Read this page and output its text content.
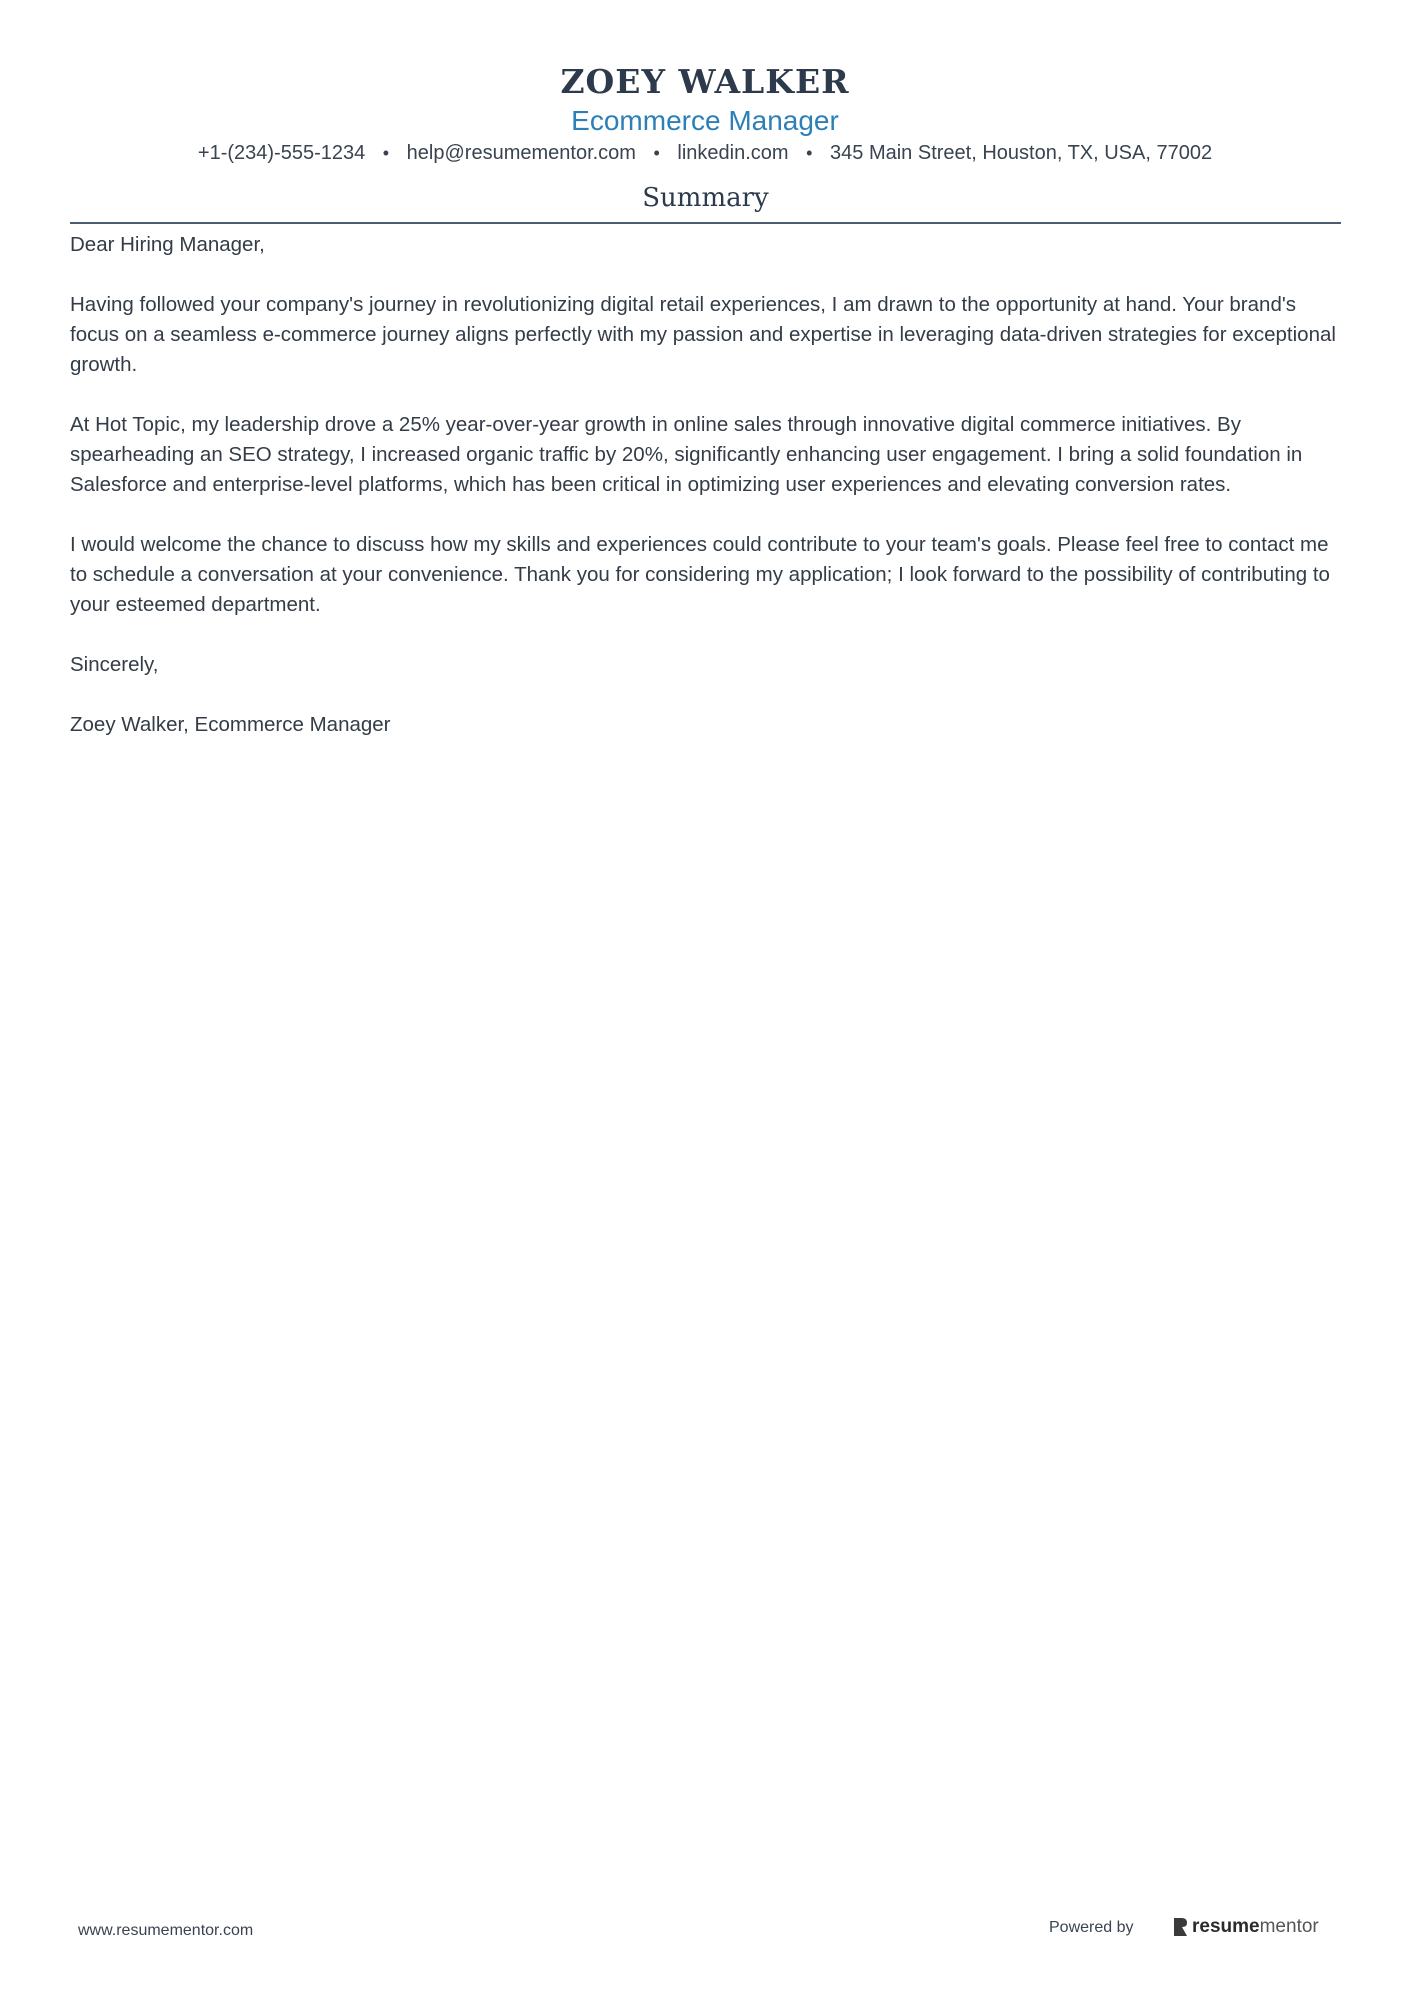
ZOEY WALKER
Ecommerce Manager
+1-(234)-555-1234 • help@resumementor.com • linkedin.com • 345 Main Street, Houston, TX, USA, 77002
Summary

Dear Hiring Manager,

Having followed your company's journey in revolutionizing digital retail experiences, I am drawn to the opportunity at hand. Your brand's focus on a seamless e-commerce journey aligns perfectly with my passion and expertise in leveraging data-driven strategies for exceptional growth.

At Hot Topic, my leadership drove a 25% year-over-year growth in online sales through innovative digital commerce initiatives. By spearheading an SEO strategy, I increased organic traffic by 20%, significantly enhancing user engagement. I bring a solid foundation in Salesforce and enterprise-level platforms, which has been critical in optimizing user experiences and elevating conversion rates.

I would welcome the chance to discuss how my skills and experiences could contribute to your team's goals. Please feel free to contact me to schedule a conversation at your convenience. Thank you for considering my application; I look forward to the possibility of contributing to your esteemed department.

Sincerely,

Zoey Walker, Ecommerce Manager

www.resumementor.com	Powered by	resume mentor
